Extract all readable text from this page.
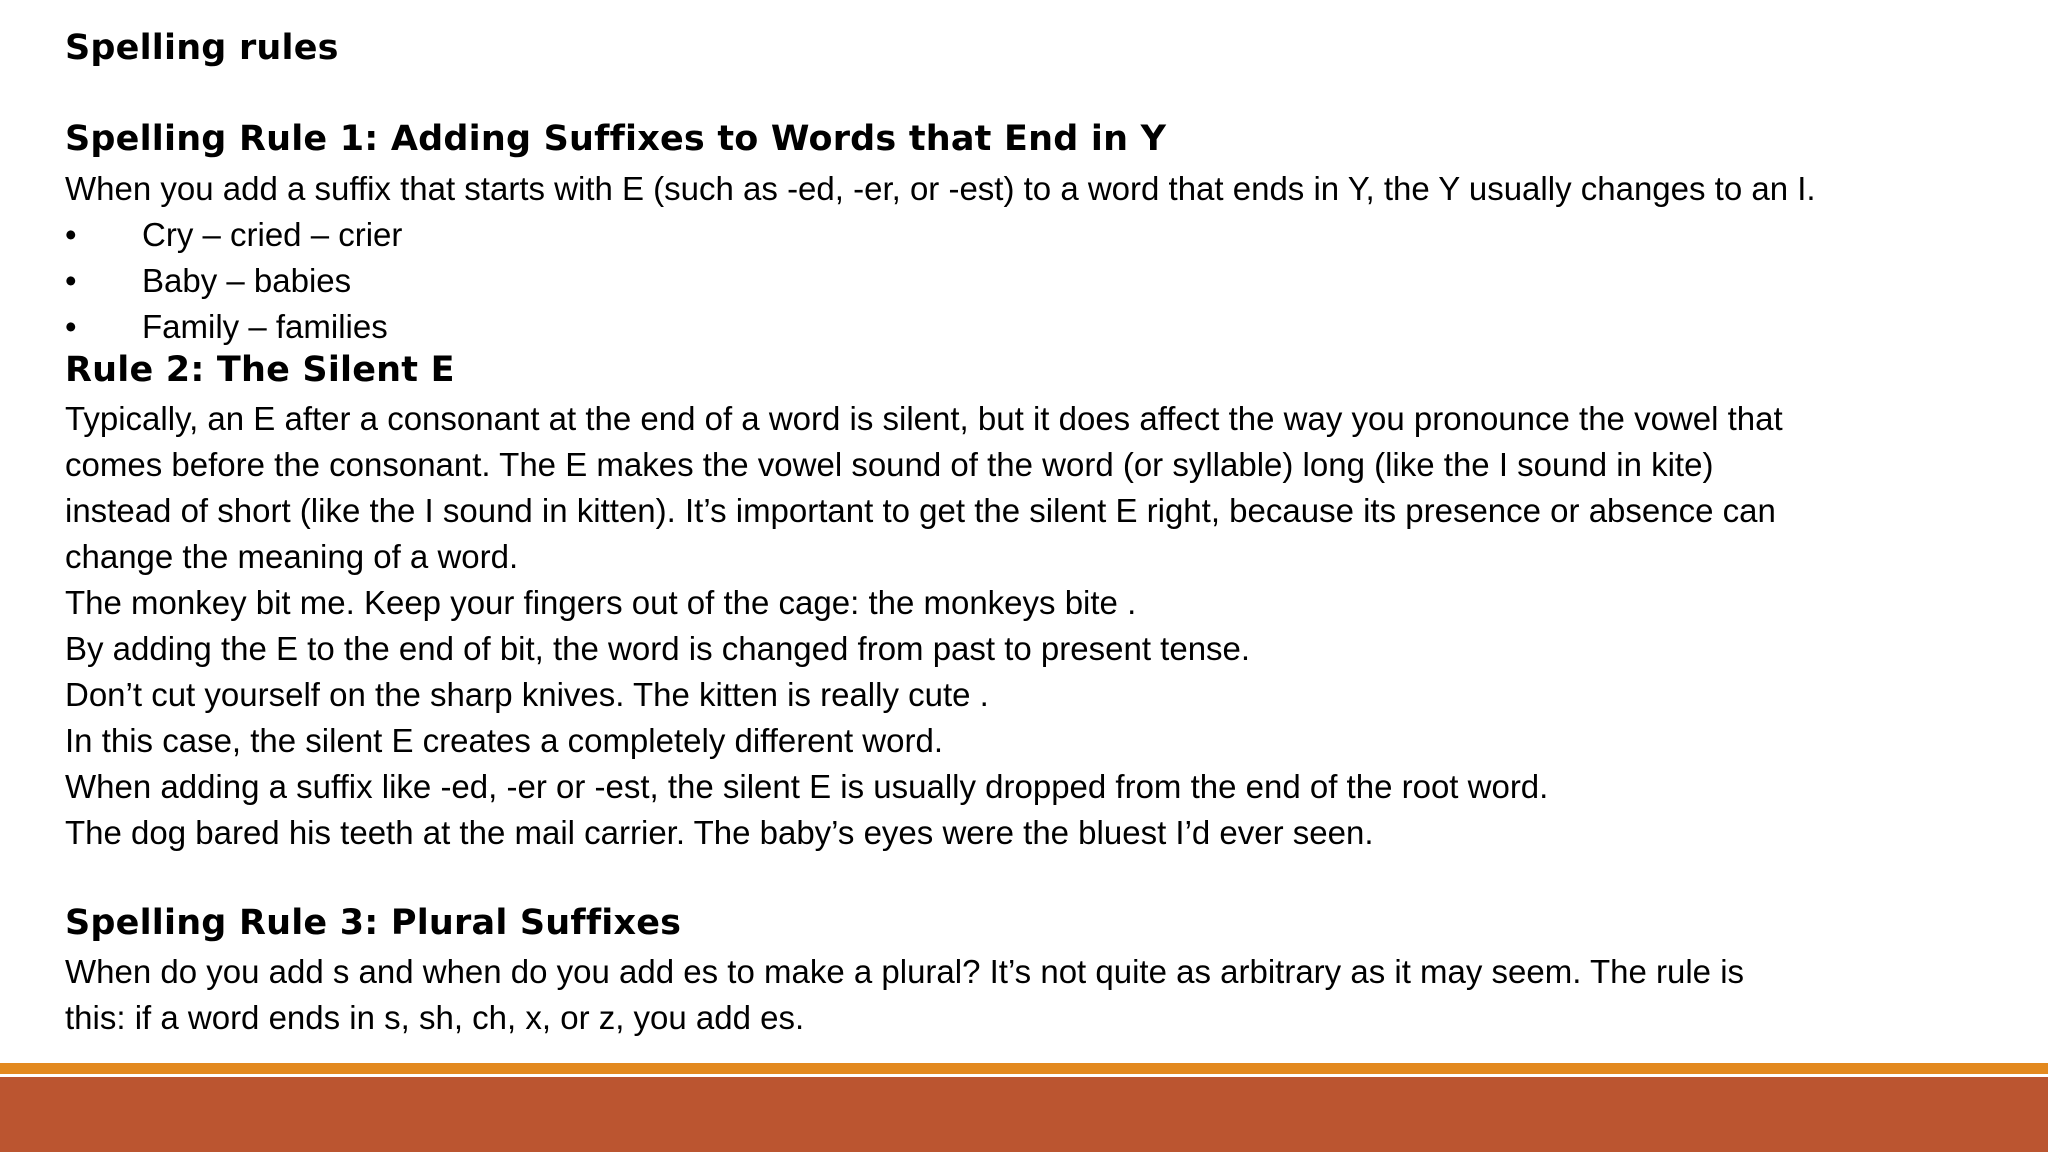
Spelling rules
Spelling Rule 1: Adding Suffixes to Words that End in Y
When you add a suffix that starts with E (such as -ed, -er, or -est) to a word that ends in Y, the Y usually changes to an I.
• Cry – cried – crier
• Baby – babies
• Family – families
Rule 2: The Silent E
Typically, an E after a consonant at the end of a word is silent, but it does affect the way you pronounce the vowel that
comes before the consonant. The E makes the vowel sound of the word (or syllable) long (like the I sound in kite)
instead of short (like the I sound in kitten). It’s important to get the silent E right, because its presence or absence can
change the meaning of a word.
The monkey bit me. Keep your fingers out of the cage: the monkeys bite .
By adding the E to the end of bit, the word is changed from past to present tense.
Don’t cut yourself on the sharp knives. The kitten is really cute .
In this case, the silent E creates a completely different word.
When adding a suffix like -ed, -er or -est, the silent E is usually dropped from the end of the root word.
The dog bared his teeth at the mail carrier. The baby’s eyes were the bluest I’d ever seen.
Spelling Rule 3: Plural Suffixes
When do you add s and when do you add es to make a plural? It’s not quite as arbitrary as it may seem. The rule is
this: if a word ends in s, sh, ch, x, or z, you add es.
